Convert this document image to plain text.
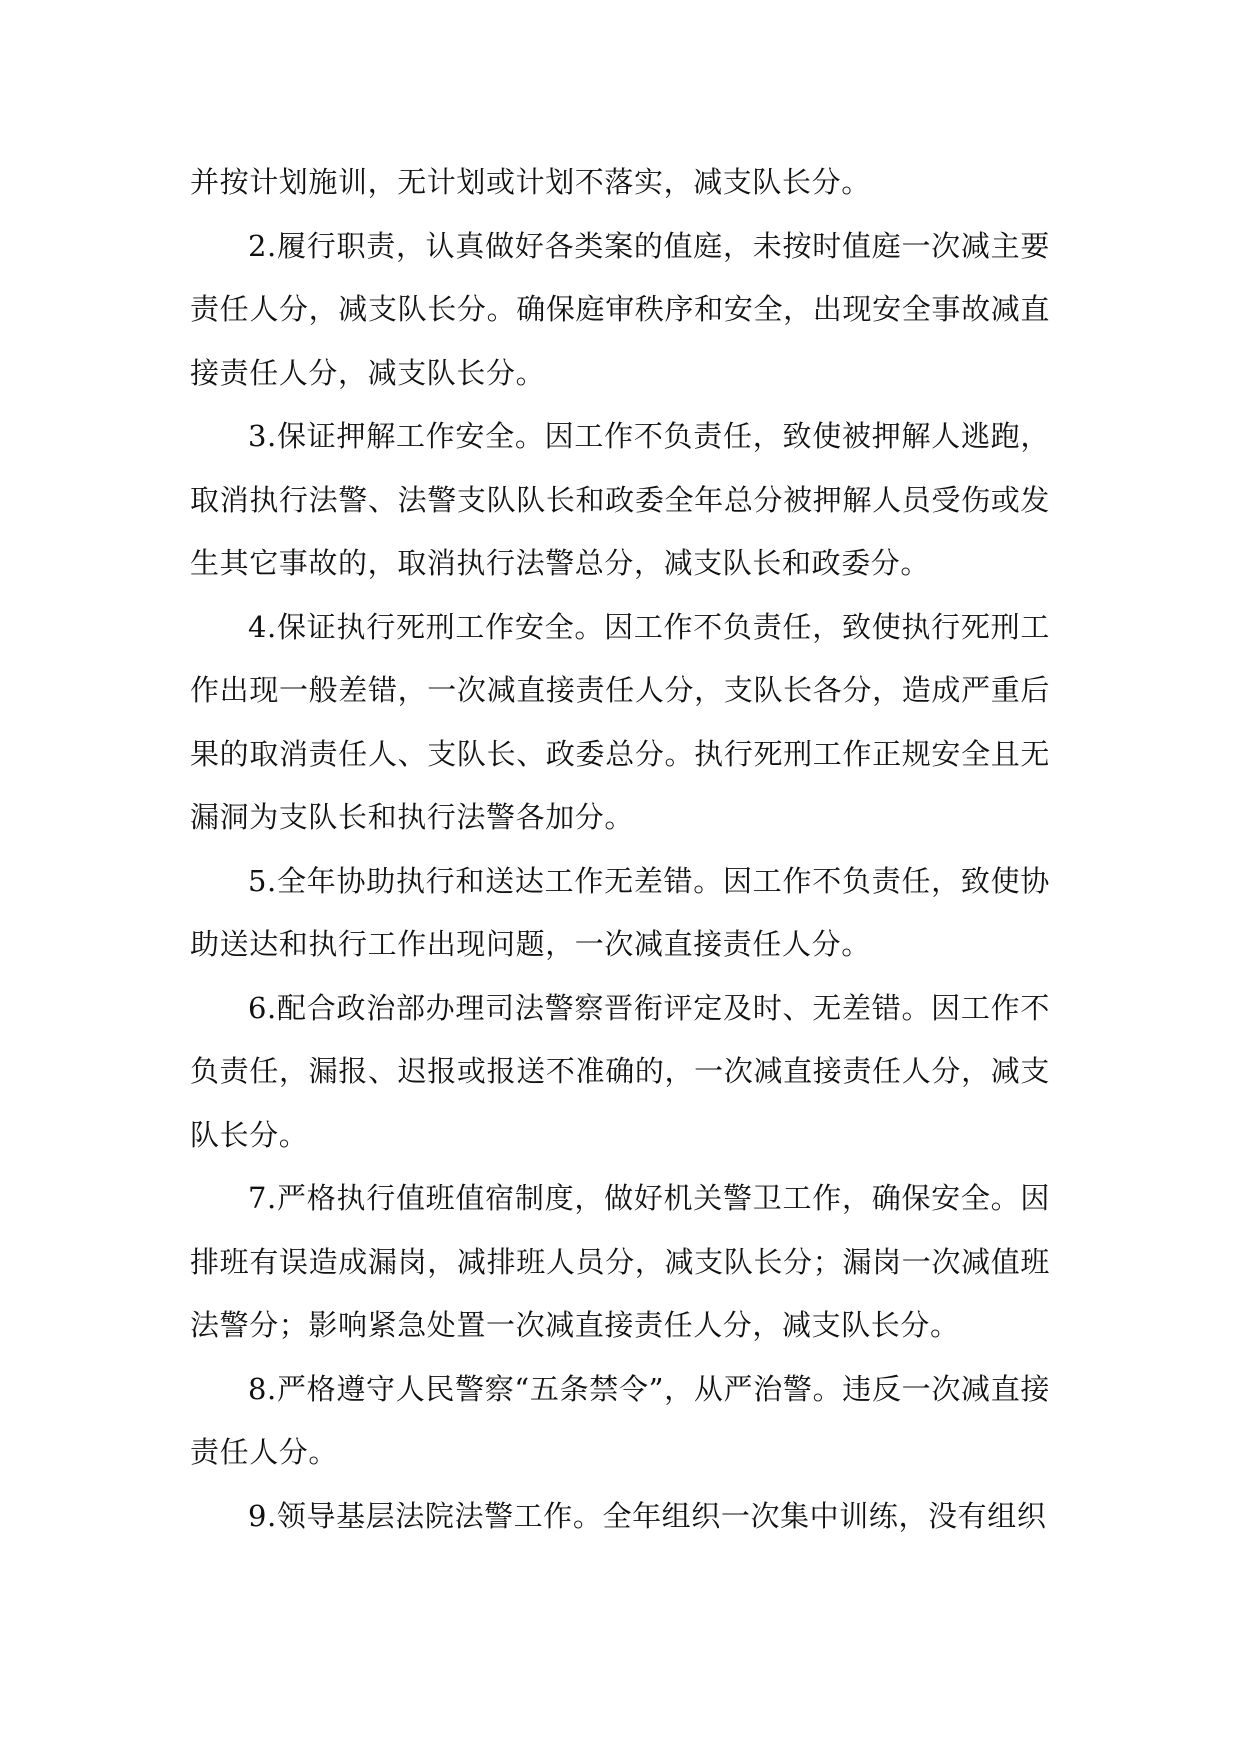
并按计划施训，无计划或计划不落实，减支队长分。

2.履行职责，认真做好各类案的值庭，未按时值庭一次减主要责任人分，减支队长分。确保庭审秩序和安全，出现安全事故减直接责任人分，减支队长分。

3.保证押解工作安全。因工作不负责任，致使被押解人逃跑，取消执行法警、法警支队队长和政委全年总分被押解人员受伤或发生其它事故的，取消执行法警总分，减支队长和政委分。

4.保证执行死刑工作安全。因工作不负责任，致使执行死刑工作出现一般差错，一次减直接责任人分，支队长各分，造成严重后果的取消责任人、支队长、政委总分。执行死刑工作正规安全且无漏洞为支队长和执行法警各加分。

5.全年协助执行和送达工作无差错。因工作不负责任，致使协助送达和执行工作出现问题，一次减直接责任人分。

6.配合政治部办理司法警察晋衔评定及时、无差错。因工作不负责任，漏报、迟报或报送不准确的，一次减直接责任人分，减支队长分。

7.严格执行值班值宿制度，做好机关警卫工作，确保安全。因排班有误造成漏岗，减排班人员分，减支队长分；漏岗一次减值班法警分；影响紧急处置一次减直接责任人分，减支队长分。

8.严格遵守人民警察“五条禁令”，从严治警。违反一次减直接责任人分。

9.领导基层法院法警工作。全年组织一次集中训练，没有组织
